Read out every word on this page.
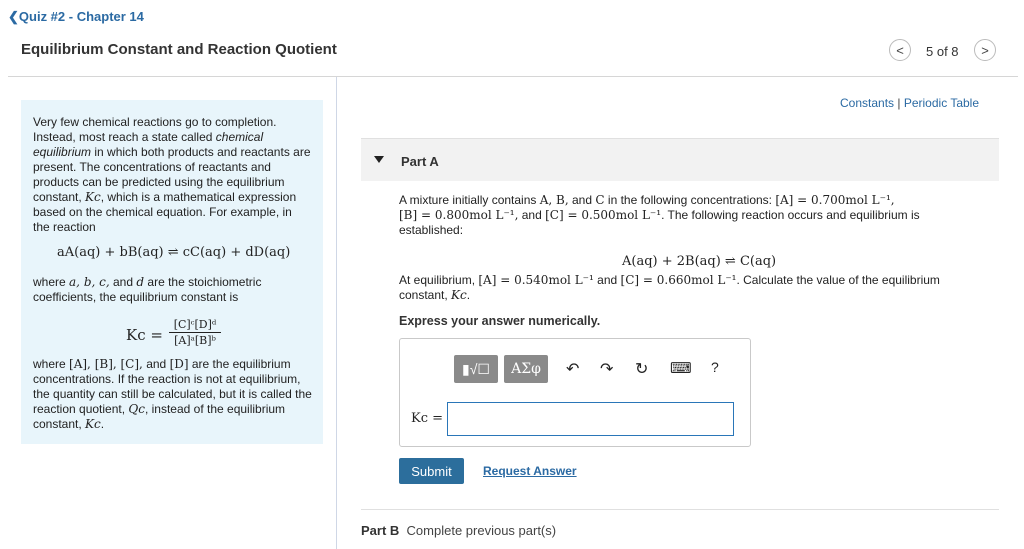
❮Quiz #2 - Chapter 14
Equilibrium Constant and Reaction Quotient	< 5 of 8 >

Very few chemical reactions go to completion. Instead, most reach a state called chemical equilibrium in which both products and reactants are present. The concentrations of reactants and products can be predicted using the equilibrium constant, Kc, which is a mathematical expression based on the chemical equation. For example, in the reaction

aA(aq) + bB(aq) ⇌ cC(aq) + dD(aq)

where a, b, c, and d are the stoichiometric coefficients, the equilibrium constant is

$Kc = \frac{\text{[C]ᶜ[D]ᵈ}}{\text{[A]ᵃ[B]ᵇ}}$

where [A], [B], [C], and [D] are the equilibrium concentrations. If the reaction is not at equilibrium, the quantity can still be calculated, but it is called the reaction quotient, Qc, instead of the equilibrium constant, Kc.

Constants | Periodic Table
Part A
A mixture initially contains A, B, and C in the following concentrations: [A] = 0.700mol L⁻¹,
[B] = 0.800mol L⁻¹, and [C] = 0.500mol L⁻¹. The following reaction occurs and equilibrium is established:
A(aq) + 2B(aq) ⇌ C(aq)
At equilibrium, [A] = 0.540mol L⁻¹ and [C] = 0.660mol L⁻¹. Calculate the value of the equilibrium constant, Kc.
Express your answer numerically.
▮√☐ ΑΣφ ↶ ↷ ↻ ⌨ ?
Kc =
Submit	Request Answer
Part B Complete previous part(s)
